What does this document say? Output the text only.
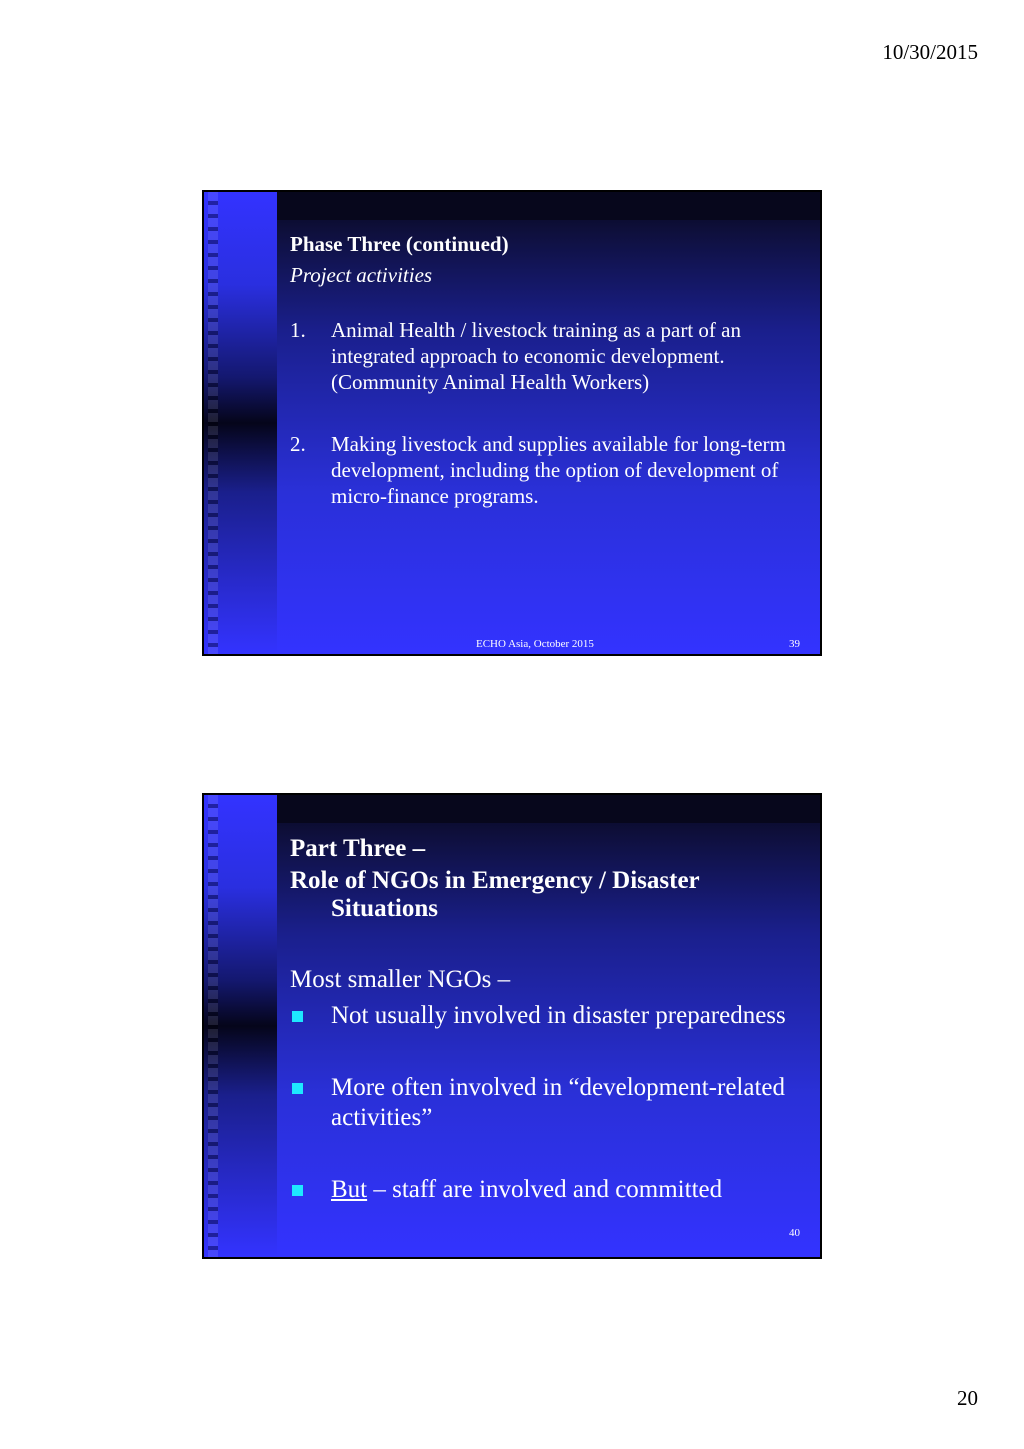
10/30/2015
Phase Three (continued)
Project activities
1.	Animal Health / livestock training as a part of an integrated approach to economic development. (Community Animal Health Workers)
2.	Making livestock and supplies available for long-term development, including the option of development of micro-finance programs.
ECHO Asia, October 2015	39
Part Three –
Role of NGOs in Emergency / Disaster
Situations
Most smaller NGOs –
Not usually involved in disaster preparedness
More often involved in “development-related activities”
But – staff are involved and committed
40
20
